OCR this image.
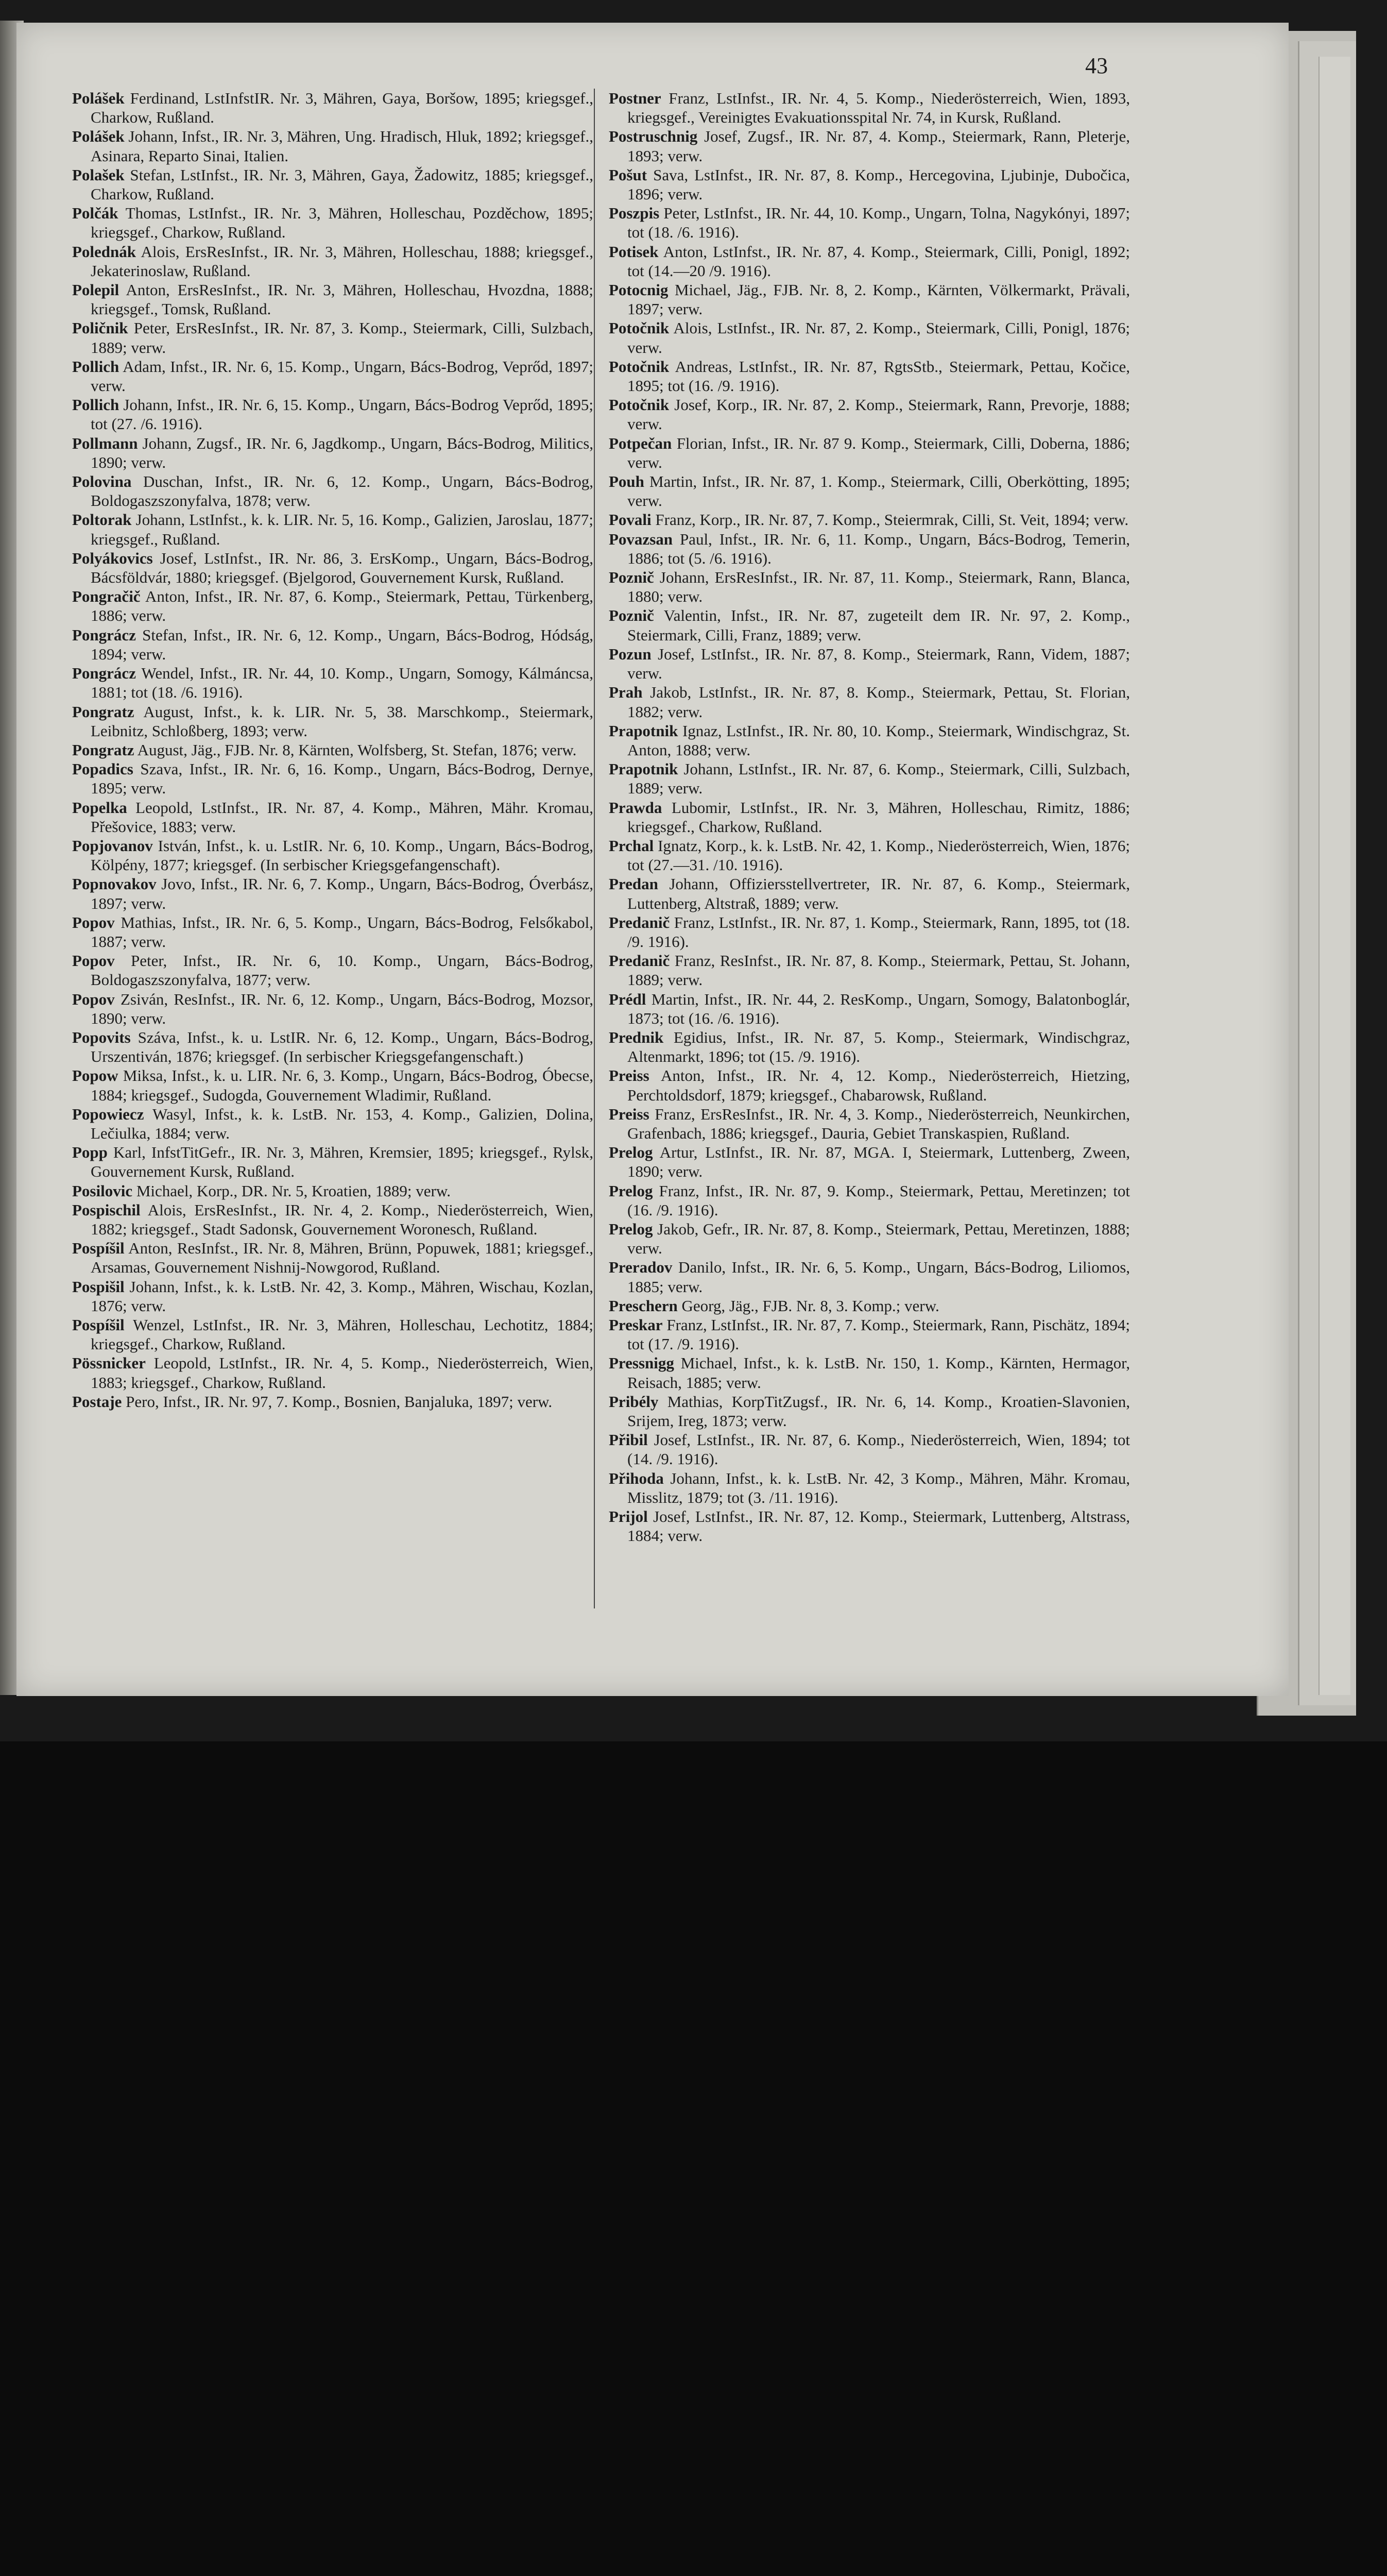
43
Polášek Ferdinand, LstInfstIR. Nr. 3, Mähren, Gaya, Boršow, 1895; kriegsgef., Charkow, Rußland.
Polášek Johann, Infst., IR. Nr. 3, Mähren, Ung. Hradisch, Hluk, 1892; kriegsgef., Asinara, Reparto Sinai, Italien.
Polašek Stefan, LstInfst., IR. Nr. 3, Mähren, Gaya, Žadowitz, 1885; kriegsgef., Charkow, Rußland.
Polčák Thomas, LstInfst., IR. Nr. 3, Mähren, Holleschau, Pozděchow, 1895; kriegsgef., Charkow, Rußland.
Polednák Alois, ErsResInfst., IR. Nr. 3, Mähren, Holleschau, 1888; kriegsgef., Jekaterinoslaw, Rußland.
Polepil Anton, ErsResInfst., IR. Nr. 3, Mähren, Holleschau, Hvozdna, 1888; kriegsgef., Tomsk, Rußland.
Poličnik Peter, ErsResInfst., IR. Nr. 87, 3. Komp., Steiermark, Cilli, Sulzbach, 1889; verw.
Pollich Adam, Infst., IR. Nr. 6, 15. Komp., Ungarn, Bács-Bodrog, Veprőd, 1897; verw.
Pollich Johann, Infst., IR. Nr. 6, 15. Komp., Ungarn, Bács-Bodrog Veprőd, 1895; tot (27. /6. 1916).
Pollmann Johann, Zugsf., IR. Nr. 6, Jagdkomp., Ungarn, Bács-Bodrog, Militics, 1890; verw.
Polovina Duschan, Infst., IR. Nr. 6, 12. Komp., Ungarn, Bács-Bodrog, Boldogaszszonyfalva, 1878; verw.
Poltorak Johann, LstInfst., k. k. LIR. Nr. 5, 16. Komp., Galizien, Jaroslau, 1877; kriegsgef., Rußland.
Polyákovics Josef, LstInfst., IR. Nr. 86, 3. ErsKomp., Ungarn, Bács-Bodrog, Bácsföldvár, 1880; kriegsgef. (Bjelgorod, Gouvernement Kursk, Rußland.
Pongračič Anton, Infst., IR. Nr. 87, 6. Komp., Steiermark, Pettau, Türkenberg, 1886; verw.
Pongrácz Stefan, Infst., IR. Nr. 6, 12. Komp., Ungarn, Bács-Bodrog, Hódság, 1894; verw.
Pongrácz Wendel, Infst., IR. Nr. 44, 10. Komp., Ungarn, Somogy, Kálmáncsa, 1881; tot (18. /6. 1916).
Pongratz August, Infst., k. k. LIR. Nr. 5, 38. Marschkomp., Steiermark, Leibnitz, Schloßberg, 1893; verw.
Pongratz August, Jäg., FJB. Nr. 8, Kärnten, Wolfsberg, St. Stefan, 1876; verw.
Popadics Szava, Infst., IR. Nr. 6, 16. Komp., Ungarn, Bács-Bodrog, Dernye, 1895; verw.
Popelka Leopold, LstInfst., IR. Nr. 87, 4. Komp., Mähren, Mähr. Kromau, Přešovice, 1883; verw.
Popjovanov István, Infst., k. u. LstIR. Nr. 6, 10. Komp., Ungarn, Bács-Bodrog, Kölpény, 1877; kriegsgef. (In serbischer Kriegsgefangenschaft).
Popnovakov Jovo, Infst., IR. Nr. 6, 7. Komp., Ungarn, Bács-Bodrog, Óverbász, 1897; verw.
Popov Mathias, Infst., IR. Nr. 6, 5. Komp., Ungarn, Bács-Bodrog, Felsőkabol, 1887; verw.
Popov Peter, Infst., IR. Nr. 6, 10. Komp., Ungarn, Bács-Bodrog, Boldogaszszonyfalva, 1877; verw.
Popov Zsiván, ResInfst., IR. Nr. 6, 12. Komp., Ungarn, Bács-Bodrog, Mozsor, 1890; verw.
Popovits Száva, Infst., k. u. LstIR. Nr. 6, 12. Komp., Ungarn, Bács-Bodrog, Urszentiván, 1876; kriegsgef. (In serbischer Kriegsgefangenschaft.)
Popow Miksa, Infst., k. u. LIR. Nr. 6, 3. Komp., Ungarn, Bács-Bodrog, Óbecse, 1884; kriegsgef., Sudogda, Gouvernement Wladimir, Rußland.
Popowiecz Wasyl, Infst., k. k. LstB. Nr. 153, 4. Komp., Galizien, Dolina, Lečiulka, 1884; verw.
Popp Karl, InfstTitGefr., IR. Nr. 3, Mähren, Kremsier, 1895; kriegsgef., Rylsk, Gouvernement Kursk, Rußland.
Posilovic Michael, Korp., DR. Nr. 5, Kroatien, 1889; verw.
Pospischil Alois, ErsResInfst., IR. Nr. 4, 2. Komp., Niederösterreich, Wien, 1882; kriegsgef., Stadt Sadonsk, Gouvernement Woronesch, Rußland.
Pospíšil Anton, ResInfst., IR. Nr. 8, Mähren, Brünn, Popuwek, 1881; kriegsgef., Arsamas, Gouvernement Nishnij-Nowgorod, Rußland.
Pospišil Johann, Infst., k. k. LstB. Nr. 42, 3. Komp., Mähren, Wischau, Kozlan, 1876; verw.
Pospíšil Wenzel, LstInfst., IR. Nr. 3, Mähren, Holleschau, Lechotitz, 1884; kriegsgef., Charkow, Rußland.
Pössnicker Leopold, LstInfst., IR. Nr. 4, 5. Komp., Niederösterreich, Wien, 1883; kriegsgef., Charkow, Rußland.
Postaje Pero, Infst., IR. Nr. 97, 7. Komp., Bosnien, Banjaluka, 1897; verw.
Postner Franz, LstInfst., IR. Nr. 4, 5. Komp., Niederösterreich, Wien, 1893, kriegsgef., Vereinigtes Evakuationsspital Nr. 74, in Kursk, Rußland.
Postruschnig Josef, Zugsf., IR. Nr. 87, 4. Komp., Steiermark, Rann, Pleterje, 1893; verw.
Pošut Sava, LstInfst., IR. Nr. 87, 8. Komp., Hercegovina, Ljubinje, Dubočica, 1896; verw.
Poszpis Peter, LstInfst., IR. Nr. 44, 10. Komp., Ungarn, Tolna, Nagykónyi, 1897; tot (18. /6. 1916).
Potisek Anton, LstInfst., IR. Nr. 87, 4. Komp., Steiermark, Cilli, Ponigl, 1892; tot (14.—20 /9. 1916).
Potocnig Michael, Jäg., FJB. Nr. 8, 2. Komp., Kärnten, Völkermarkt, Prävali, 1897; verw.
Potočnik Alois, LstInfst., IR. Nr. 87, 2. Komp., Steiermark, Cilli, Ponigl, 1876; verw.
Potočnik Andreas, LstInfst., IR. Nr. 87, RgtsStb., Steiermark, Pettau, Kočice, 1895; tot (16. /9. 1916).
Potočnik Josef, Korp., IR. Nr. 87, 2. Komp., Steiermark, Rann, Prevorje, 1888; verw.
Potpečan Florian, Infst., IR. Nr. 87 9. Komp., Steiermark, Cilli, Doberna, 1886; verw.
Pouh Martin, Infst., IR. Nr. 87, 1. Komp., Steiermark, Cilli, Oberkötting, 1895; verw.
Povali Franz, Korp., IR. Nr. 87, 7. Komp., Steiermrak, Cilli, St. Veit, 1894; verw.
Povazsan Paul, Infst., IR. Nr. 6, 11. Komp., Ungarn, Bács-Bodrog, Temerin, 1886; tot (5. /6. 1916).
Poznič Johann, ErsResInfst., IR. Nr. 87, 11. Komp., Steiermark, Rann, Blanca, 1880; verw.
Poznič Valentin, Infst., IR. Nr. 87, zugeteilt dem IR. Nr. 97, 2. Komp., Steiermark, Cilli, Franz, 1889; verw.
Pozun Josef, LstInfst., IR. Nr. 87, 8. Komp., Steiermark, Rann, Videm, 1887; verw.
Prah Jakob, LstInfst., IR. Nr. 87, 8. Komp., Steiermark, Pettau, St. Florian, 1882; verw.
Prapotnik Ignaz, LstInfst., IR. Nr. 80, 10. Komp., Steiermark, Windischgraz, St. Anton, 1888; verw.
Prapotnik Johann, LstInfst., IR. Nr. 87, 6. Komp., Steiermark, Cilli, Sulzbach, 1889; verw.
Prawda Lubomir, LstInfst., IR. Nr. 3, Mähren, Holleschau, Rimitz, 1886; kriegsgef., Charkow, Rußland.
Prchal Ignatz, Korp., k. k. LstB. Nr. 42, 1. Komp., Niederösterreich, Wien, 1876; tot (27.—31. /10. 1916).
Predan Johann, Offiziersstellvertreter, IR. Nr. 87, 6. Komp., Steiermark, Luttenberg, Altstraß, 1889; verw.
Predanič Franz, LstInfst., IR. Nr. 87, 1. Komp., Steiermark, Rann, 1895, tot (18. /9. 1916).
Predanič Franz, ResInfst., IR. Nr. 87, 8. Komp., Steiermark, Pettau, St. Johann, 1889; verw.
Prédl Martin, Infst., IR. Nr. 44, 2. ResKomp., Ungarn, Somogy, Balatonboglár, 1873; tot (16. /6. 1916).
Prednik Egidius, Infst., IR. Nr. 87, 5. Komp., Steiermark, Windischgraz, Altenmarkt, 1896; tot (15. /9. 1916).
Preiss Anton, Infst., IR. Nr. 4, 12. Komp., Niederösterreich, Hietzing, Perchtoldsdorf, 1879; kriegsgef., Chabarowsk, Rußland.
Preiss Franz, ErsResInfst., IR. Nr. 4, 3. Komp., Niederösterreich, Neunkirchen, Grafenbach, 1886; kriegsgef., Dauria, Gebiet Transkaspien, Rußland.
Prelog Artur, LstInfst., IR. Nr. 87, MGA. I, Steiermark, Luttenberg, Zween, 1890; verw.
Prelog Franz, Infst., IR. Nr. 87, 9. Komp., Steiermark, Pettau, Meretinzen; tot (16. /9. 1916).
Prelog Jakob, Gefr., IR. Nr. 87, 8. Komp., Steiermark, Pettau, Meretinzen, 1888; verw.
Preradov Danilo, Infst., IR. Nr. 6, 5. Komp., Ungarn, Bács-Bodrog, Liliomos, 1885; verw.
Preschern Georg, Jäg., FJB. Nr. 8, 3. Komp.; verw.
Preskar Franz, LstInfst., IR. Nr. 87, 7. Komp., Steiermark, Rann, Pischätz, 1894; tot (17. /9. 1916).
Pressnigg Michael, Infst., k. k. LstB. Nr. 150, 1. Komp., Kärnten, Hermagor, Reisach, 1885; verw.
Pribély Mathias, KorpTitZugsf., IR. Nr. 6, 14. Komp., Kroatien-Slavonien, Srijem, Ireg, 1873; verw.
Přibil Josef, LstInfst., IR. Nr. 87, 6. Komp., Niederösterreich, Wien, 1894; tot (14. /9. 1916).
Přihoda Johann, Infst., k. k. LstB. Nr. 42, 3 Komp., Mähren, Mähr. Kromau, Misslitz, 1879; tot (3. /11. 1916).
Prijol Josef, LstInfst., IR. Nr. 87, 12. Komp., Steiermark, Luttenberg, Altstrass, 1884; verw.
